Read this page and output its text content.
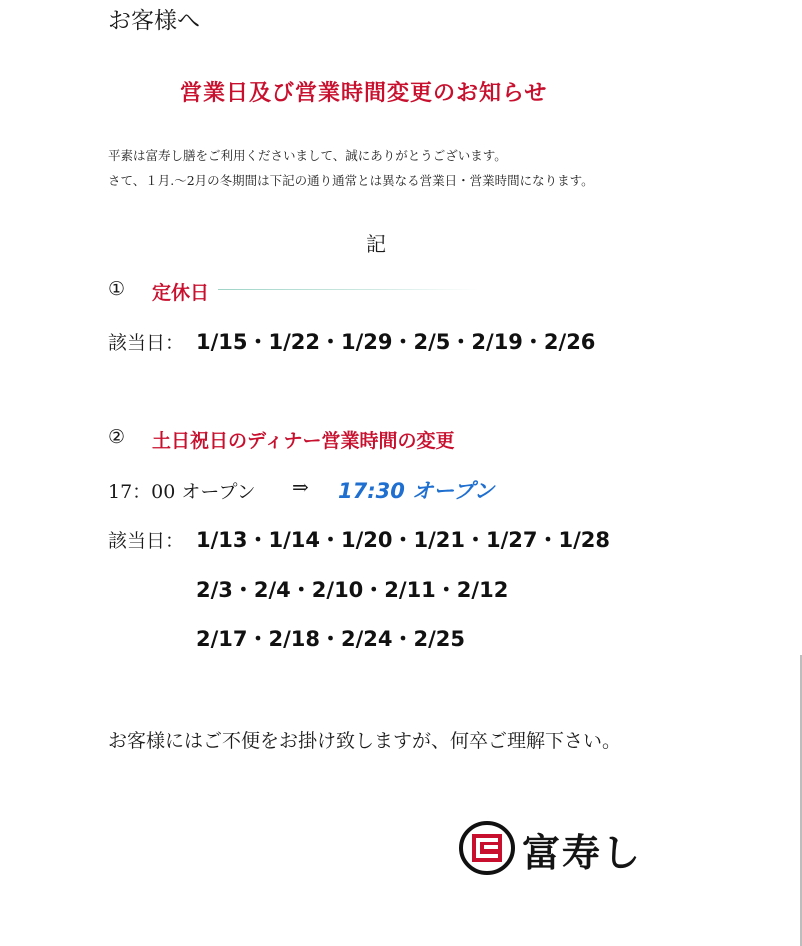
お客様へ
営業日及び営業時間変更のお知らせ
平素は富寿し膳をご利用くださいまして、誠にありがとうございます。
さて、１月.～2月の冬期間は下記の通り通常とは異なる営業日・営業時間になります。
記
① 定休日
該当日： 1/15・1/22・1/29・2/5・2/19・2/26
② 土日祝日のディナー営業時間の変更
17：00 オープン ⇒ 17:30 オープン
該当日： 1/13・1/14・1/20・1/21・1/27・1/28
2/3・2/4・2/10・2/11・2/12
2/17・2/18・2/24・2/25
お客様にはご不便をお掛け致しますが、何卒ご理解下さい。
富寿し
